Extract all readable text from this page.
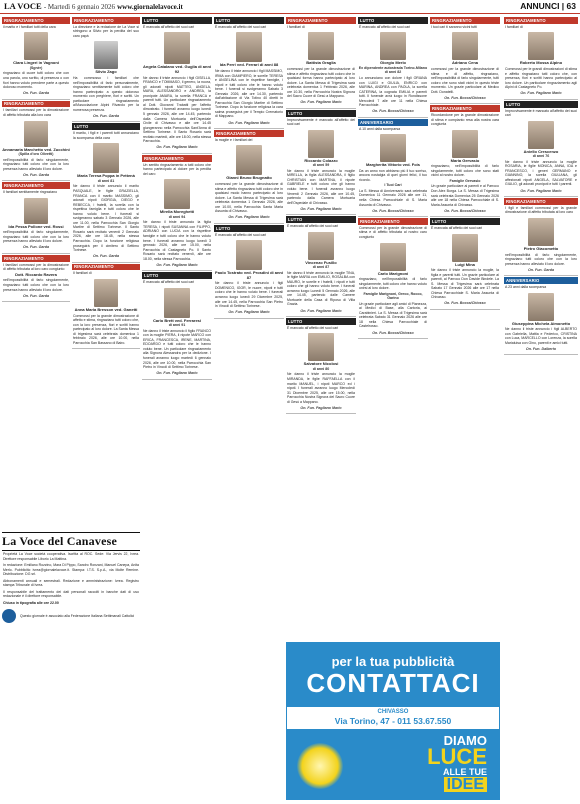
LA VOCE - Martedì 6 gennaio 2026 www.giornalelavoce.it	ANNUNCI | 63
RINGRAZIAMENTO
il marito e i familiari tutti della cara
Clara Lingeri in Vagnoni
(Sgnèr)
ringraziano di cuore tutti coloro che con una parola, uno scritto, di presenza o con fiori hanno voluto prendere parte a questo doloroso momento.
On. Fun. Garda
RINGRAZIAMENTO
I familiari commossi per la dimostrazione di affetto tributata alla loro cara
Annamaria Marchetto ved. Zucchini
(Spilla d'oro Olivetti)
nell'impossibilità di farlo singolarmente, ringraziano tutti coloro che con la loro presenza hanno alleviato il loro dolore.
On. Fun. Garda
RINGRAZIAMENTO
Il familiari sentitamente ringraziano
Ida Pessa Pollone ved. Rossi
nell'impossibilità di farlo singolarmente, ringraziano tutti coloro che con la loro presenza hanno alleviato il loro dolore.
On. Fun. Garda
RINGRAZIAMENTO
I familiari commossi per la dimostrazione di affetto tributata al loro caro congiunto
Dott. Riccardo Ravera
nell'impossibilità di farlo singolarmente, ringraziano tutti coloro che con la loro presenza hanno alleviato il loro dolore.
On. Fun. Garda
La Voce del Canavese
Proprietà La Voce società cooperativa. Iscritta al ROC. Sede: Via Jervis 22, Ivrea. Direttore responsabile Liborio La Mattina.
In redazione: Emiliano Rozzino, Mara Di Pippo, Sandro Ronzani, Manuel Canepa, Anita Merlo. Pubblicità: ivrea@giornalelavoce.it. Stampa: I.T.S. S.p.A., via Molte Remine. Distribuzione: DG srl.
Abbonamenti annuali e semestrali. Redazione e amministrazione: Ivrea. Registro stampa Tribunale di Ivrea.
Il responsabile del trattamento dei dati personali raccolti in banche dati di uso redazionale è il direttore responsabile.
Chiuso in tipografia alle ore 22.00
Questo giornale è associato alla Federazione Italiana Settimanali Cattolici
RINGRAZIAMENTO
La direzione e la redazione de La Voce si stringono a Silvio per la perdita del suo caro papà
Silvio Zago
Ha commosso i familiari che nell'impossibilità di farlo personalmente, ringraziano sentitamente tutti coloro che hanno partecipato a questo doloroso momento con preghiere, fiori e scritti. Un particolare ringraziamento all'Associazione Alpini Rivarolo per la numerosa presenza.
On. Fun. Garda
LUTTO
Il marito, i figli e i parenti tutti annunciano la scomparsa della cara
Maria Teresa Poppa in Pettenà
di anni 81
Ne danno il triste annuncio il marito PASQUALE, le figlie GRAZIELLA, FRANCA con il marito MASSIMO, gli adorati nipoti GIORGIA, DIEGO e REBECCA, i fratelli, la sorella con la rispettiva famiglia e tutti coloro che le hanno voluto bene. I funerali si svolgeranno sabato 3 Gennaio 2026, alle ore 11.00, nella Parrocchia San Giorgio Martire di Settimo Torinese. Il Santo Rosario sarà recitato venerdì 2 Gennaio 2026, alle ore 18.45, nella stessa Parrocchia. Dopo la funzione religiosa proseguirà per il cimitero di Settimo Torinese.
On. Fun. Garda
RINGRAZIAMENTO
Il familiari di
Anna Maria Bresson ved. Ganetti
Commossi per la grande dimostrazione di affetto e stima, ringraziano tutti coloro che, con la loro presenza, fiori e scritti hanno partecipato al loro dolore. La Santa Messa di trigesima sarà celebrata domenica 1 febbraio 2026, alle ore 10.00, nella Parrocchia San Bassano di Bairo.
LUTTO
È mancata all'affetto dei suoi cari
Angela Catalano ved. Guglia di anni 92
Ne danno il triste annuncio i figli GISELLA, FRANCO e TOMMASO, il genero, la nuora, gli adorati nipoti MATTEO, ANGELA, MARA, ALESSANDRO e ANDREA, la pronipote AMARA, la sorella FRANCA e parenti tutti. Un particolare ringraziamento al Dott. Giovanni Trabatti per l'affetto dimostrato. I funerali avranno luogo lunedì 5 gennaio 2026, alle ore 14.45, partendo dalla Camera Mortuaria dell'Ospedale Civile di Chivasso e alle ore 14.45 giungeranno nella Parrocchia Sant'Anna di Settimo Torinese. Il Santo Rosario sarà recitato martedì, alle ore 18.00, nella stessa Parrocchia.
On. Fun. Pagliano Mario
RINGRAZIAMENTO
Un sentito ringraziamento a tutti coloro che hanno partecipato al dolore per la perdita del caro
Mirella Moreghetti
di anni 94
Ne danno il triste annuncio la figlia TERESA, i nipoti SUSANNA con FILIPPO, ADRIANO con LUCIA con la rispettive famiglie e tutti coloro che le hanno voluto bene. I funerali avranno luogo lunedì 3 gennaio 2026, alle ore 15.00, nella Parrocchia di Castagneto Po. Il Santo Rosario sarà recitato venerdì, alle ore 18.00, nella stessa Parrocchia.
On. Fun. Pagliano Mario
LUTTO
È mancato all'affetto dei suoi cari
Carlo Brett ved. Ferraresi
di anni 91
Ne danno il triste annuncio il figlio FRANCO con la moglie PIERA, il nipote MARCO con ERICA, FRANCESCA, IRENE, MARTINA, EDOARDO e tutti coloro che le hanno voluto bene. Un particolare ringraziamento alla Signora Alessandra per la dedizione. I funerali avranno luogo martedì 6 gennaio 2026, alle ore 10.00, nella Parrocchia San Pietro in Vincoli di Settimo Torinese.
On. Fun. Pagliano Mario
LUTTO
È mancato all'affetto dei suoi cari
Ida Perri ved. Ferrari di anni 88
Ne danno il triste annuncio i figli MASSIMO, IRMA con GIAMPIERO, le sorelle TERESA e ANGELINA con le rispettive famiglie, i nipoti e tutti coloro che le hanno voluto bene. I funerali si svolgeranno Sabato 3 Gennaio 2026, alle ore 14.30, partendo dall'abitazione di Via Totino 40 diretti in Parrocchia San Giorgio Martire di Settimo Torinese. Dopo la funzione religiosa la cara salma proseguirà per il Tempio Crematorio di Mappano.
On. Fun. Pagliano Mario
RINGRAZIAMENTO
la moglie e i familiari del
Gianni Bruno Brugnatto
commossi per la grande dimostrazione di stima e affetto ringraziano tutti coloro che in qualsiasi modo hanno partecipato al loro dolore. La Santa Messa di Trigesima sarà celebrata domenica 1 Gennaio 2026, alle ore 10.00, nella Parrocchia Santa Maria Assunta di Chivasso.
On. Fun. Pagliano Mario
LUTTO
È mancato all'affetto dei suoi cari
Paolo Tostrato ved. Prosdini di anni 87
Ne danno il triste annuncio i figli DOMENICO, IGOR, le nuore, nipoti e tutti coloro che le hanno voluto bene. I funerali avranno luogo lunedì 29 Dicembre 2025, alle ore 14.45, nella Parrocchia San Pietro in Vincoli di Settimo Torinese.
On. Fun. Pagliano Mario
RINGRAZIAMENTO
I familiari di
Battista Graglia
commossi per la grande dimostrazione di stima e affetto ringraziano tutti coloro che in qualsiasi forma hanno partecipato al loro dolore. La Santa Messa di Trigesima sarà celebrata domenica 1 Febbraio 2026, alle ore 10.30, nella Parrocchia Nostra Signora del Sacro Cuore di Gesù a Mappano.
On. Fun. Pagliano Mario
LUTTO
Improvvisamente è mancato all'affetto dei suoi cari
Riccardo Colazzo
di anni 59
Ne danno il triste annuncio la moglie MIRELLA, la figlia ALESSANDRA, il figlio CHRISTIAN con MARTINA, il nipote GABRIELE e tutti coloro che gli hanno voluto bene. I funerali avranno luogo Venerdì 2 Gennaio 2026, alle ore 10.45, partendo dalla Camera Mortuaria dell'Ospedale di Chivasso.
On. Fun. Pagliano Mario
LUTTO
È mancato all'affetto dei suoi cari
Vincenzo Fusillo
di anni 87
Ne danno il triste annuncio la moglie TINA, le figlie MARIA con EMILIO, ROSALBA con MAURO, le sorelle e i fratelli, i nipoti e tutti coloro che gli hanno voluto bene. I funerali avranno luogo Lunedì 5 Gennaio 2026, alle ore 14.45, partendo dalle Camere Mortuarie della Casa di Riposo di Villa Grazia.
On. Fun. Pagliano Mario
LUTTO
È mancato all'affetto dei suoi cari
Salvatore Nicolosi
di anni 80
Ne danno il triste annuncio la moglie MIRANDA, le figlie RAFFAELLA con il marito MANUEL, i nipoti MARCO ed i nipoti. I funerali avranno luogo Mercoledì 31 Dicembre 2025, alle ore 15.00, nella Parrocchia Nostra Signora del Sacro Cuore di Gesù a Mappano.
On. Fun. Pagliano Mario
LUTTO
È mancato all'affetto dei suoi cari
Giorgio Merlo
Ex dipendente autostrada Torino-Milano di anni 82
Lo annunciano con dolore i figli ORIANA con LUIGI e GIULIA, ENRICO con MARINA, ANDREA con PAOLA, la sorella CATERINA, la cognata EMILIA e parenti tutti. Il funerale avrà luogo in Rondissone Mercoledì 7 alle ore 11 nella Chiesa Parrocchiale.
On. Fun. Bocca/Chiosso
ANNIVERSARIO
A 10 anni dalla scomparsa
Margherita Vittorio ved. Fois
Da un anno non abbiamo più il tuo sorriso, ancora nostalgia di quei giorni felici, il tuo ricordo.
I Tuoi Cari
La S. Messa di Anniversario sarà celebrata Domenica 11 Gennaio 2026 alle ore 11, nella Chiesa Parrocchiale di S. Maria Assunta di Chivasso.
On. Fun. Bocca/Chiosso
RINGRAZIAMENTO
Commossi per la grande dimostrazione di stima e di affetto tributata al nostro caro congiunto
Carlo Marignoni
ringraziano, nell'impossibilità di farlo singolarmente, tutti coloro che hanno voluto unirsi al loro dolore.
Famiglie Marignoni, Greco, Rocco, Garino
Un grazie particolare agli amici di Pianezza, ai Medici di Base, alla Cartoria, ai Carabinieri. La S. Messa di Trigesima sarà celebrata Sabato 31 Gennaio 2026 alle ore 18 nella Chiesa Parrocchiale di Castelrosso.
On. Fun. Bocca/Chiosso
RINGRAZIAMENTO
I tuoi cari ti saranno vicini tutti
Adriano Cena
commossi per la grande dimostrazione di stima e di affetto, ringraziano, nell'impossibilità di farlo singolarmente, tutti coloro che sono stati vicini in questo triste momento. Un grazie particolare al Medico Dott. Donatelli.
On. Fun. Bocca/Chiosso
RINGRAZIAMENTO
Ricordandone per la grande dimostrazione di stima e compianto resa alla nostra cara congiunta
Maria Gervasio
ringraziamo, nell'impossibilità di farlo singolarmente, tutti coloro che sono stati vicini al nostro dolore.
Famiglie Gervasio
Un grazie particolare ai parenti e al Parroco Don Alex Borga. La S. Messa di Trigesima sarà celebrata Domenica 25 Gennaio 2026 alle ore 18 nella Chiesa Parrocchiale di S. Maria Assunta di Chivasso.
On. Fun. Bocca/Chiosso
LUTTO
È mancata all'affetto dei suoi cari
Luigi Mina
Ne danno il triste annuncio la moglie, la figlia e parenti tutti. Un grazie particolare ai parenti, al Parroco Don Davide Bindele. La S. Messa di Trigesima sarà celebrata Sabato 17 Gennaio 2026 alle ore 17 nella Chiesa Parrocchiale S. Maria Assunta di Chivasso.
On. Fun. Bocca/Chiosso
RINGRAZIAMENTO
I familiari di
Roberto Mossa Alpino
Commossi per le grandi dimostrazioni di stima e affetto ringraziano tutti coloro che, con presenza, fiori e scritti hanno partecipato al loro dolore. Un particolare ringraziamento agli Alpini di Castagneto Po.
On. Fun. Pagliano Mario
LUTTO
Improvvisamente è mancato all'affetto dei suoi cari
Aniello Crescenzo
di anni 76
Ne danno il triste annuncio la moglie ROSARIA, le figlie MONICA, ANNA, IDA e FRANCESCO, i generi GERMANO e GIANNINO, la sorella GIULIANA, gli affezionati nipoti ANGELA, SALVATORE e GIULIO, gli adorati pronipoti e tutti i parenti.
On. Fun. Pagliano Mario
RINGRAZIAMENTO
I figli e familiari commossi per la grande dimostrazione di affetto tributata al loro caro
Pietro Giacometto
nell'impossibilità di farlo singolarmente, ringraziano tutti coloro che con la loro presenza hanno alleviato il loro dolore.
On. Fun. Garda
ANNIVERSARIO
A 23 anni dalla scomparsa
Giuseppina Michela Aimonetto
Ne danno il triste annuncio i figli ALBERTO con Gabriella, Mattia e Federico, CRISTINA con Luca, MARCELLO con Lorenza, la sorella Marialuisa con Gino, parenti e amici tutti.
On. Fun. Dalberto
per la tua pubblicità
CONTATTACI
CHIVASSO
Via Torino, 47 - 011 53.67.550
DIAMO
LUCE
ALLE TUE
IDEE
